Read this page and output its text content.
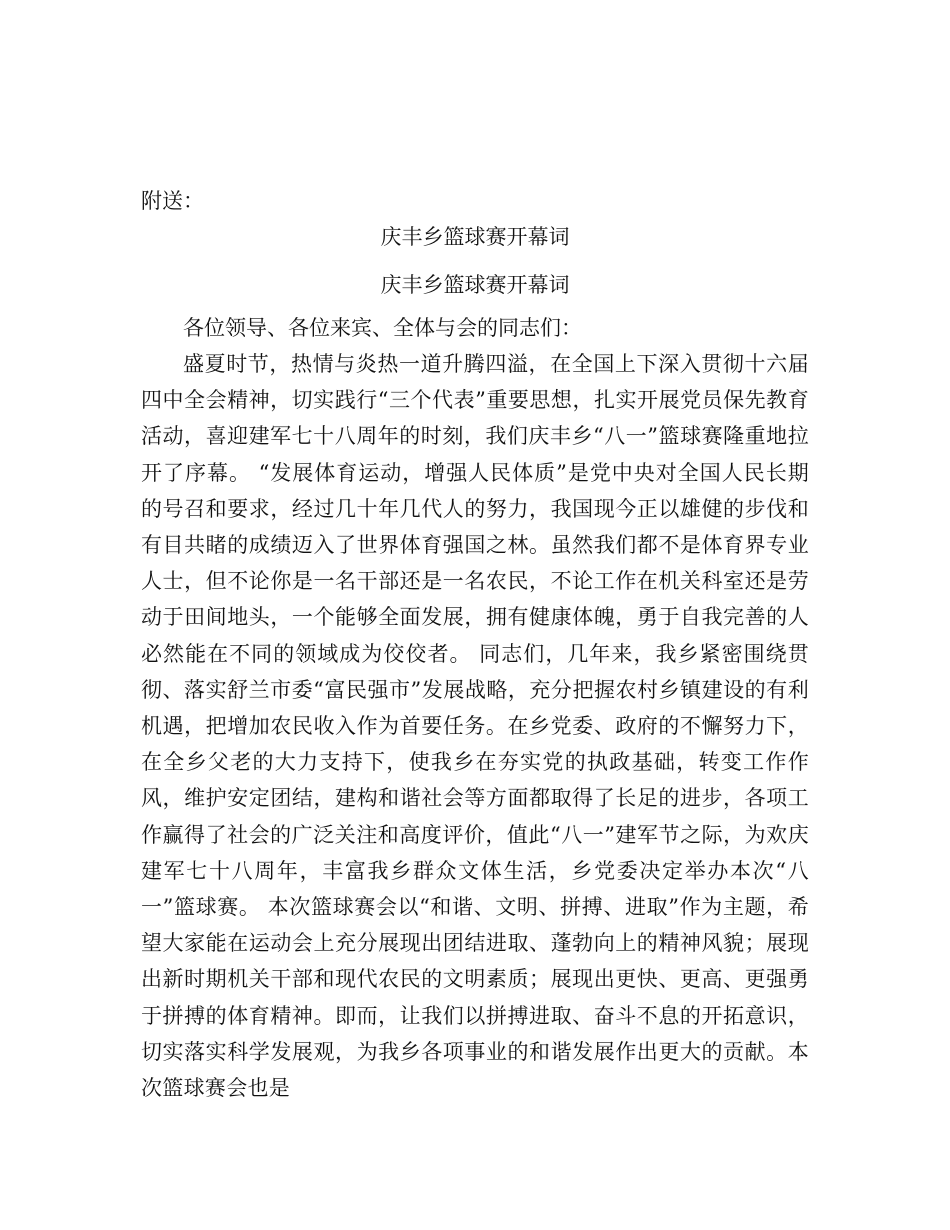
附送：

庆丰乡篮球赛开幕词
庆丰乡篮球赛开幕词

各位领导、各位来宾、全体与会的同志们：

盛夏时节，热情与炎热一道升腾四溢，在全国上下深入贯彻十六届四中全会精神，切实践行“三个代表”重要思想，扎实开展党员保先教育活动，喜迎建军七十八周年的时刻，我们庆丰乡“八一”篮球赛隆重地拉开了序幕。 “发展体育运动，增强人民体质”是党中央对全国人民长期的号召和要求，经过几十年几代人的努力，我国现今正以雄健的步伐和有目共睹的成绩迈入了世界体育强国之林。虽然我们都不是体育界专业人士，但不论你是一名干部还是一名农民，不论工作在机关科室还是劳动于田间地头，一个能够全面发展，拥有健康体魄，勇于自我完善的人必然能在不同的领域成为佼佼者。 同志们，几年来，我乡紧密围绕贯彻、落实舒兰市委“富民强市”发展战略，充分把握农村乡镇建设的有利机遇，把增加农民收入作为首要任务。在乡党委、政府的不懈努力下，在全乡父老的大力支持下，使我乡在夯实党的执政基础，转变工作作风，维护安定团结，建构和谐社会等方面都取得了长足的进步，各项工作赢得了社会的广泛关注和高度评价，值此“八一”建军节之际，为欢庆建军七十八周年，丰富我乡群众文体生活，乡党委决定举办本次“八一”篮球赛。 本次篮球赛会以“和谐、文明、拼搏、进取”作为主题，希望大家能在运动会上充分展现出团结进取、蓬勃向上的精神风貌；展现出新时期机关干部和现代农民的文明素质；展现出更快、更高、更强勇于拼搏的体育精神。即而，让我们以拼搏进取、奋斗不息的开拓意识，切实落实科学发展观，为我乡各项事业的和谐发展作出更大的贡献。本次篮球赛会也是
